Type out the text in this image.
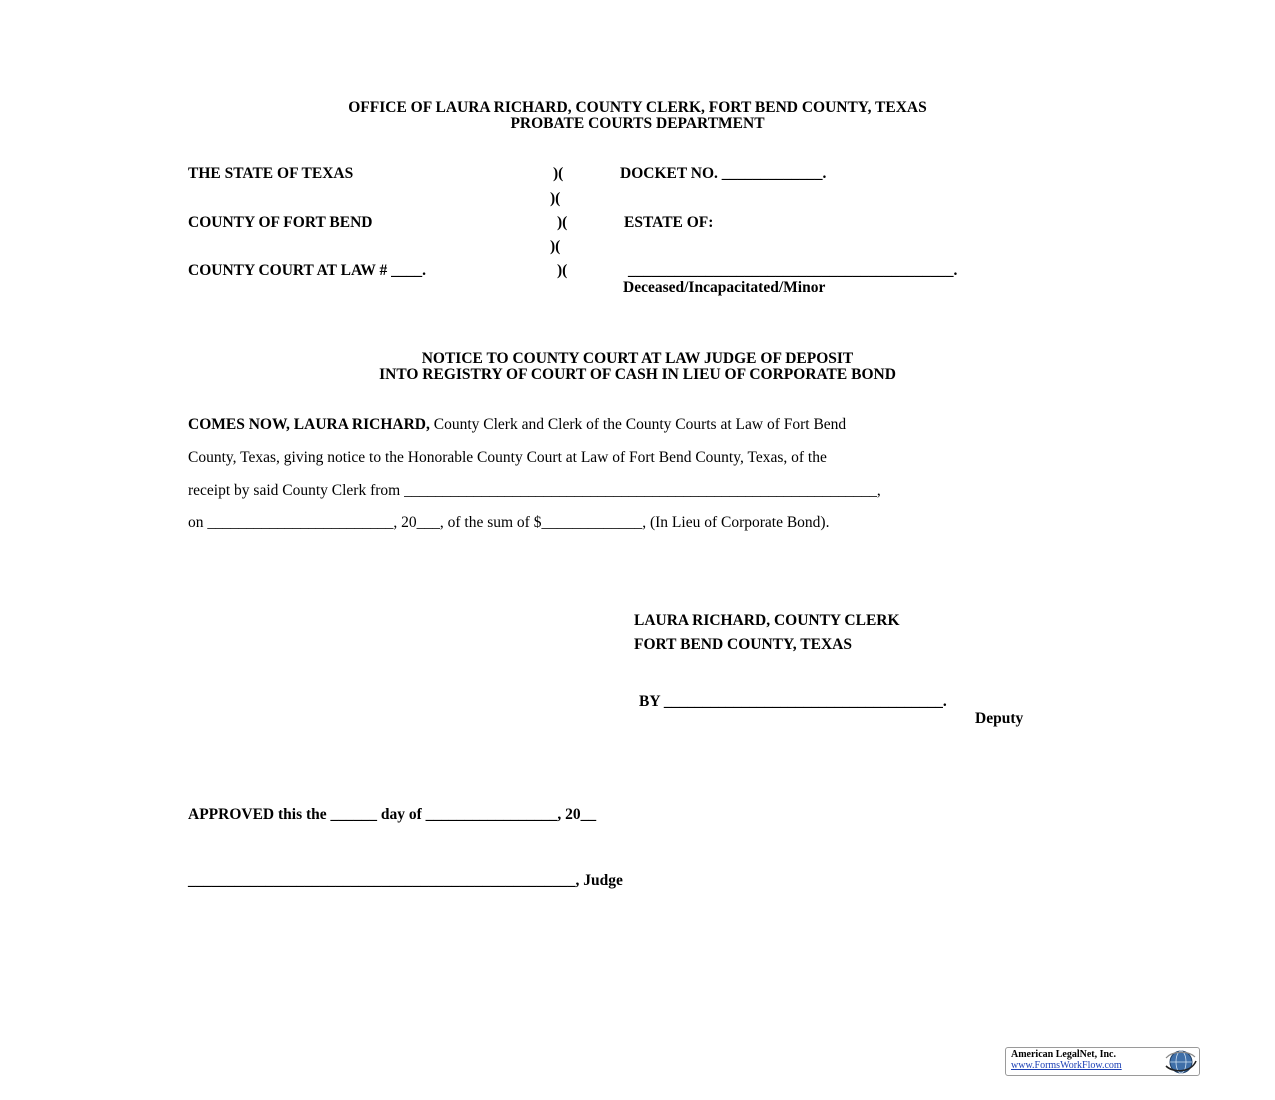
OFFICE OF LAURA RICHARD, COUNTY CLERK, FORT BEND COUNTY, TEXAS
PROBATE COURTS DEPARTMENT
THE STATE OF TEXAS
COUNTY OF FORT BEND
COUNTY COURT AT LAW # ____.
)(
)(
)(
)(
)(
DOCKET NO. _____________.
ESTATE OF:
__________________________________________.
Deceased/Incapacitated/Minor
NOTICE TO COUNTY COURT AT LAW JUDGE OF DEPOSIT
INTO REGISTRY OF COURT OF CASH IN LIEU OF CORPORATE BOND
COMES NOW, LAURA RICHARD, County Clerk and Clerk of the County Courts at Law of Fort Bend
County, Texas, giving notice to the Honorable County Court at Law of Fort Bend County, Texas, of the
receipt by said County Clerk from _____________________________________________________________,
on ________________________, 20___, of the sum of $_____________, (In Lieu of Corporate Bond).
LAURA RICHARD, COUNTY CLERK
FORT BEND COUNTY, TEXAS
BY ____________________________________.
Deputy
APPROVED this the ______ day of _________________, 20__
__________________________________________________, Judge
American LegalNet, Inc.
www.FormsWorkFlow.com
